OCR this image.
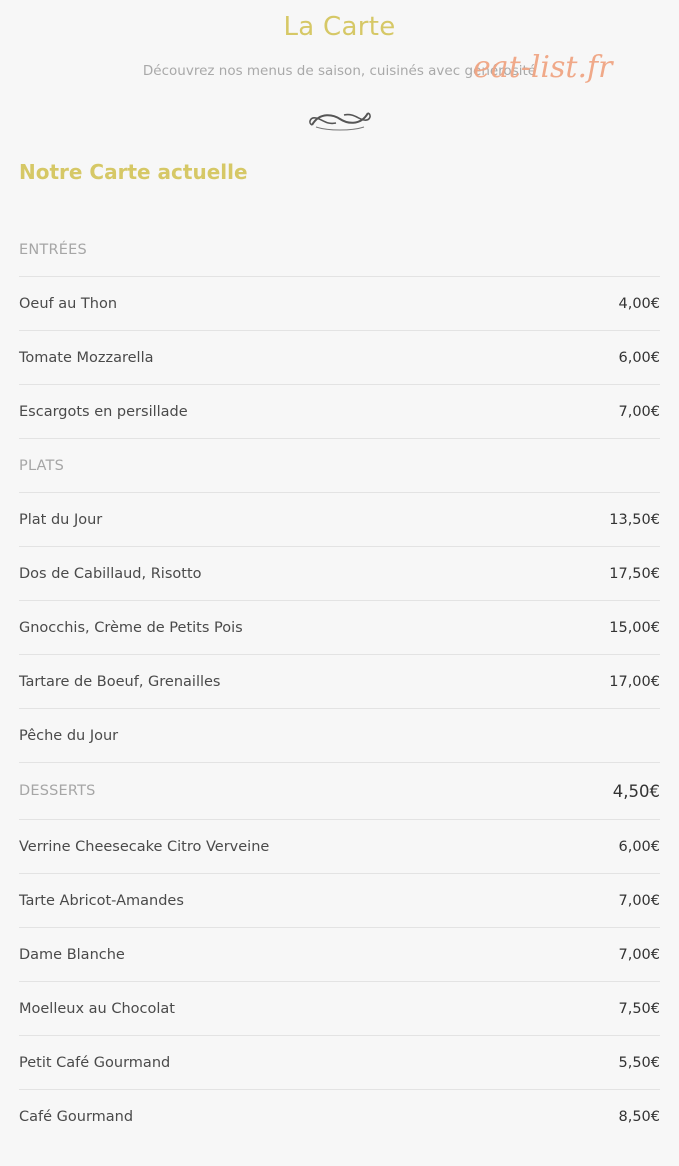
La Carte
Découvrez nos menus de saison, cuisinés avec générosité
eat-list.fr
Notre Carte actuelle
ENTRÉES
Oeuf au Thon	4,00€
Tomate Mozzarella	6,00€
Escargots en persillade	7,00€
PLATS
Plat du Jour	13,50€
Dos de Cabillaud, Risotto	17,50€
Gnocchis, Crème de Petits Pois	15,00€
Tartare de Boeuf, Grenailles	17,00€
Pêche du Jour
DESSERTS	4,50€
Verrine Cheesecake Citro Verveine	6,00€
Tarte Abricot-Amandes	7,00€
Dame Blanche	7,00€
Moelleux au Chocolat	7,50€
Petit Café Gourmand	5,50€
Café Gourmand	8,50€
